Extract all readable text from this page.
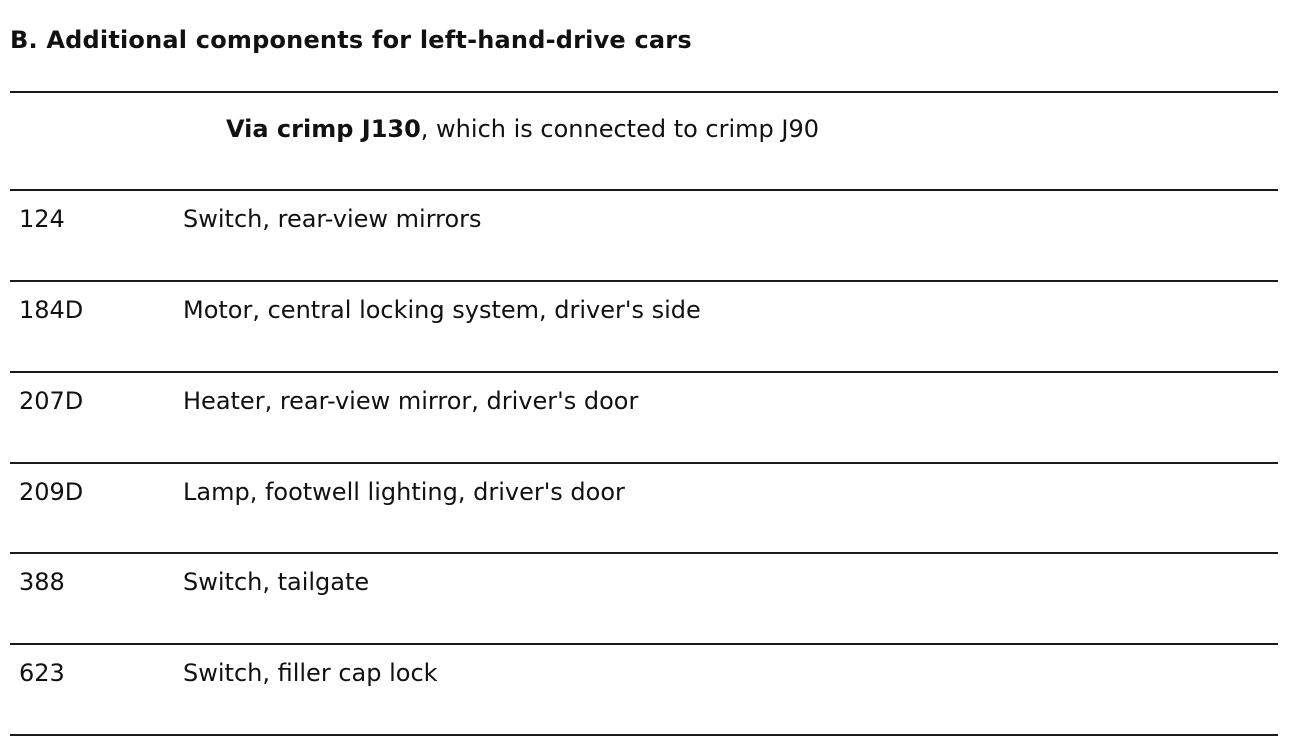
B. Additional components for left-hand-drive cars
Via crimp J130, which is connected to crimp J90
124	Switch, rear-view mirrors
184D	Motor, central locking system, driver's side
207D	Heater, rear-view mirror, driver's door
209D	Lamp, footwell lighting, driver's door
388	Switch, tailgate
623	Switch, filler cap lock
